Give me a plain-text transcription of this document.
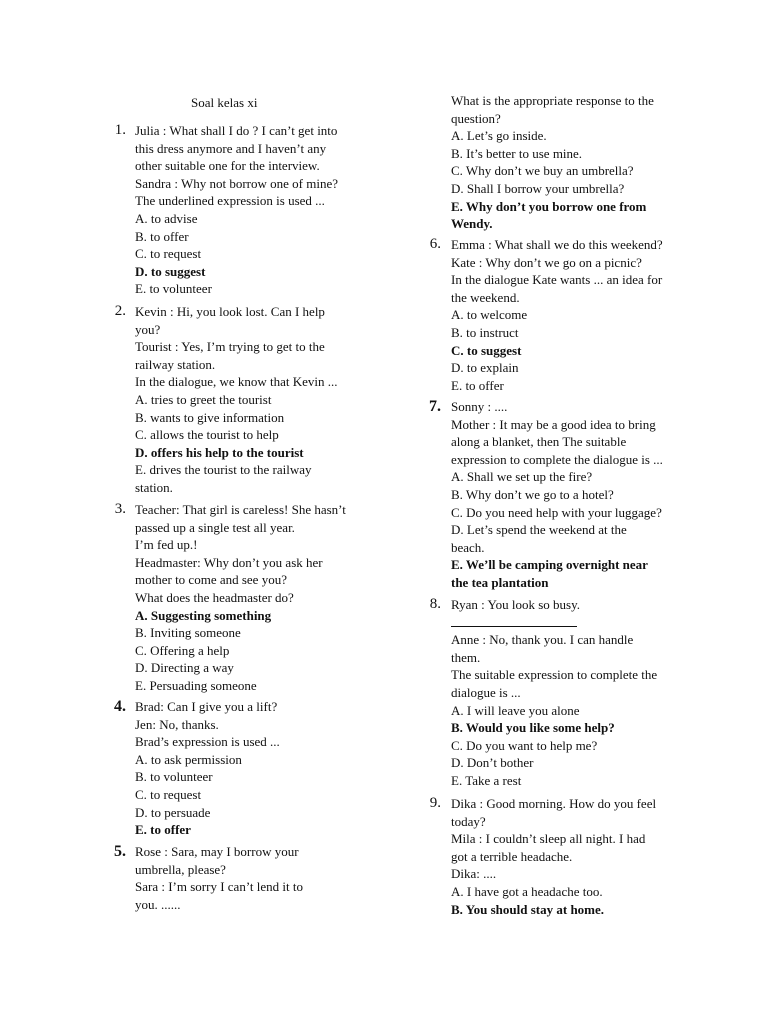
Soal kelas xi
1. Julia : What shall I do ? I can’t get into
this dress anymore and I haven’t any
other suitable one for the interview.
Sandra : Why not borrow one of mine?
The underlined expression is used ...
A. to advise
B. to offer
C. to request
D. to suggest
E. to volunteer
2. Kevin : Hi, you look lost. Can I help
you?
Tourist : Yes, I’m trying to get to the
railway station.
In the dialogue, we know that Kevin ...
A. tries to greet the tourist
B. wants to give information
C. allows the tourist to help
D. offers his help to the tourist
E. drives the tourist to the railway
station.
3. Teacher: That girl is careless! She hasn’t
passed up a single test all year.
I’m fed up.!
Headmaster: Why don’t you ask her
mother to come and see you?
What does the headmaster do?
A. Suggesting something
B. Inviting someone
C. Offering a help
D. Directing a way
E. Persuading someone
4. Brad: Can I give you a lift?
Jen: No, thanks.
Brad’s expression is used ...
A. to ask permission
B. to volunteer
C. to request
D. to persuade
E. to offer
5. Rose : Sara, may I borrow your
umbrella, please?
Sara : I’m sorry I can’t lend it to
you. ......
What is the appropriate response to the
question?
A. Let’s go inside.
B. It’s better to use mine.
C. Why don’t we buy an umbrella?
D. Shall I borrow your umbrella?
E. Why don’t you borrow one from
Wendy.
6. Emma : What shall we do this weekend?
Kate : Why don’t we go on a picnic?
In the dialogue Kate wants ... an idea for
the weekend.
A. to welcome
B. to instruct
C. to suggest
D. to explain
E. to offer
7. Sonny : ....
Mother : It may be a good idea to bring
along a blanket, then The suitable
expression to complete the dialogue is ...
A. Shall we set up the fire?
B. Why don’t we go to a hotel?
C. Do you need help with your luggage?
D. Let’s spend the weekend at the
beach.
E. We’ll be camping overnight near
the tea plantation
8. Ryan : You look so busy.
Anne : No, thank you. I can handle
them.
The suitable expression to complete the
dialogue is ...
A. I will leave you alone
B. Would you like some help?
C. Do you want to help me?
D. Don’t bother
E. Take a rest
9. Dika : Good morning. How do you feel
today?
Mila : I couldn’t sleep all night. I had
got a terrible headache.
Dika: ....
A. I have got a headache too.
B. You should stay at home.
